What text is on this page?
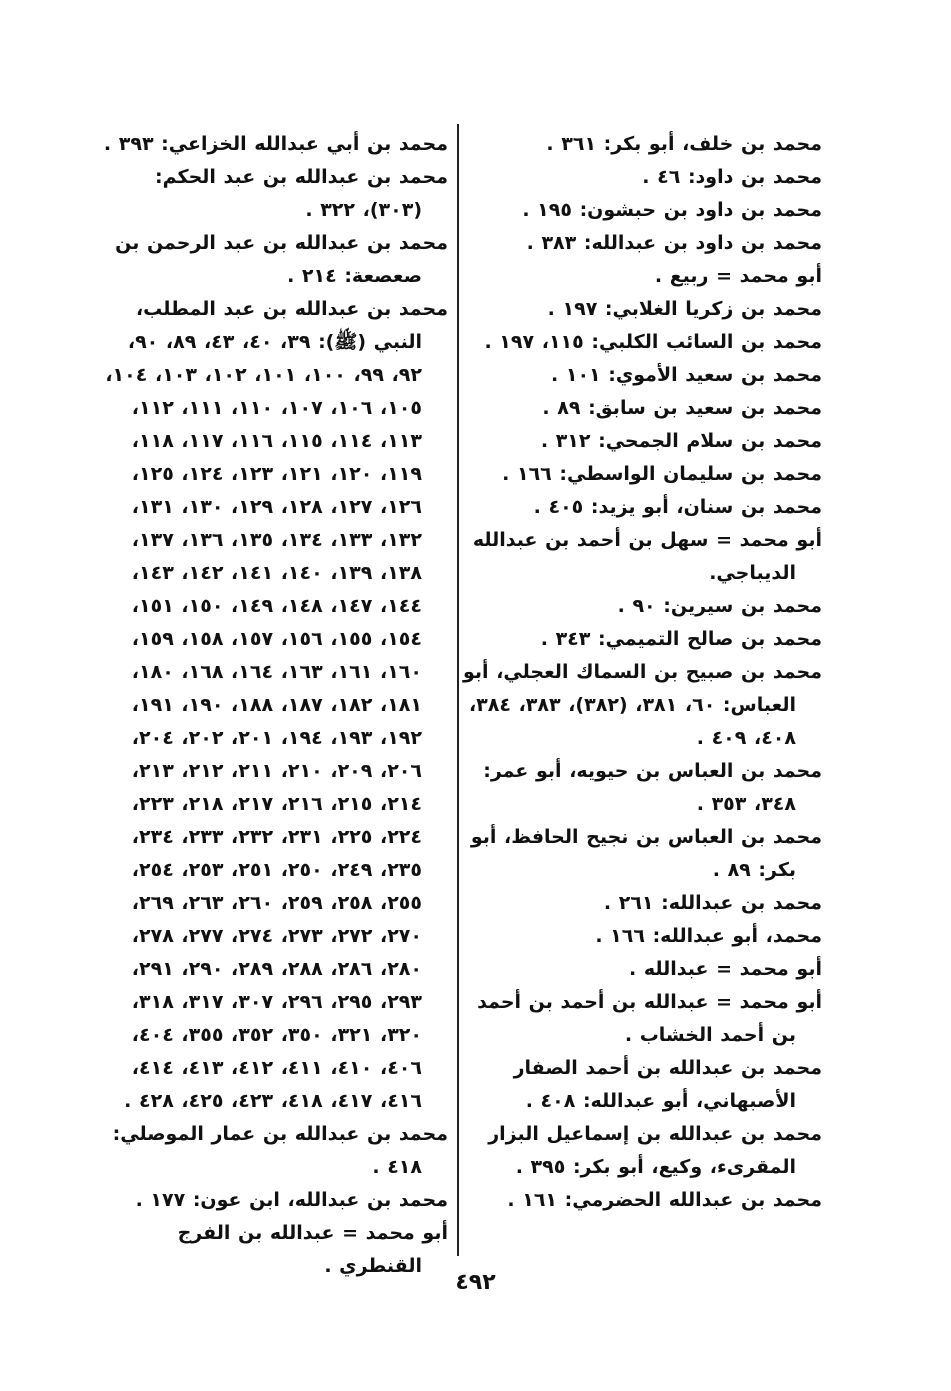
محمد بن خلف، أبو بكر: ٣٦١ .

محمد بن داود: ٤٦ .

محمد بن داود بن حبشون: ١٩٥ .

محمد بن داود بن عبدالله: ٣٨٣ .

أبو محمد = ربيع .

محمد بن زكريا الغلابي: ١٩٧ .

محمد بن السائب الكلبي: ١١٥، ١٩٧ .

محمد بن سعيد الأموي: ١٠١ .

محمد بن سعيد بن سابق: ٨٩ .

محمد بن سلام الجمحي: ٣١٢ .

محمد بن سليمان الواسطي: ١٦٦ .

محمد بن سنان، أبو يزيد: ٤٠٥ .

أبو محمد = سهل بن أحمد بن عبدالله الديباجي.

محمد بن سيرين: ٩٠ .

محمد بن صالح التميمي: ٣٤٣ .

محمد بن صبيح بن السماك العجلي، أبو العباس: ٦٠، ٣٨١، (٣٨٢)، ٣٨٣، ٣٨٤، ٤٠٨، ٤٠٩ .

محمد بن العباس بن حيويه، أبو عمر: ٣٤٨، ٣٥٣ .

محمد بن العباس بن نجيح الحافظ، أبو بكر: ٨٩ .

محمد بن عبدالله: ٢٦١ .

محمد، أبو عبدالله: ١٦٦ .

أبو محمد = عبدالله .

أبو محمد = عبدالله بن أحمد بن أحمد بن أحمد الخشاب .

محمد بن عبدالله بن أحمد الصفار الأصبهاني، أبو عبدالله: ٤٠٨ .

محمد بن عبدالله بن إسماعيل البزار المقرىء، وكيع، أبو بكر: ٣٩٥ .

محمد بن عبدالله الحضرمي: ١٦١ .

محمد بن أبي عبدالله الخزاعي: ٣٩٣ .

محمد بن عبدالله بن عبد الحكم: (٣٠٣)، ٣٢٢ .

محمد بن عبدالله بن عبد الرحمن بن صعصعة: ٢١٤ .

محمد بن عبدالله بن عبد المطلب، النبي (ﷺ): ٣٩، ٤٠، ٤٣، ٨٩، ٩٠، ٩٢، ٩٩، ١٠٠، ١٠١، ١٠٢، ١٠٣، ١٠٤، ١٠٥، ١٠٦، ١٠٧، ١١٠، ١١١، ١١٢، ١١٣، ١١٤، ١١٥، ١١٦، ١١٧، ١١٨، ١١٩، ١٢٠، ١٢١، ١٢٣، ١٢٤، ١٢٥، ١٢٦، ١٢٧، ١٢٨، ١٢٩، ١٣٠، ١٣١، ١٣٢، ١٣٣، ١٣٤، ١٣٥، ١٣٦، ١٣٧، ١٣٨، ١٣٩، ١٤٠، ١٤١، ١٤٢، ١٤٣، ١٤٤، ١٤٧، ١٤٨، ١٤٩، ١٥٠، ١٥١، ١٥٤، ١٥٥، ١٥٦، ١٥٧، ١٥٨، ١٥٩، ١٦٠، ١٦١، ١٦٣، ١٦٤، ١٦٨، ١٨٠، ١٨١، ١٨٢، ١٨٧، ١٨٨، ١٩٠، ١٩١، ١٩٢، ١٩٣، ١٩٤، ٢٠١، ٢٠٢، ٢٠٤، ٢٠٦، ٢٠٩، ٢١٠، ٢١١، ٢١٢، ٢١٣، ٢١٤، ٢١٥، ٢١٦، ٢١٧، ٢١٨، ٢٢٣، ٢٢٤، ٢٢٥، ٢٣١، ٢٣٢، ٢٣٣، ٢٣٤، ٢٣٥، ٢٤٩، ٢٥٠، ٢٥١، ٢٥٣، ٢٥٤، ٢٥٥، ٢٥٨، ٢٥٩، ٢٦٠، ٢٦٣، ٢٦٩، ٢٧٠، ٢٧٢، ٢٧٣، ٢٧٤، ٢٧٧، ٢٧٨، ٢٨٠، ٢٨٦، ٢٨٨، ٢٨٩، ٢٩٠، ٢٩١، ٢٩٣، ٢٩٥، ٢٩٦، ٣٠٧، ٣١٧، ٣١٨، ٣٢٠، ٣٢١، ٣٥٠، ٣٥٢، ٣٥٥، ٤٠٤، ٤٠٦، ٤١٠، ٤١١، ٤١٢، ٤١٣، ٤١٤، ٤١٦، ٤١٧، ٤١٨، ٤٢٣، ٤٢٥، ٤٢٨ .

محمد بن عبدالله بن عمار الموصلي: ٤١٨ .

محمد بن عبدالله، ابن عون: ١٧٧ .

أبو محمد = عبدالله بن الفرج القنطري .

٤٩٢
